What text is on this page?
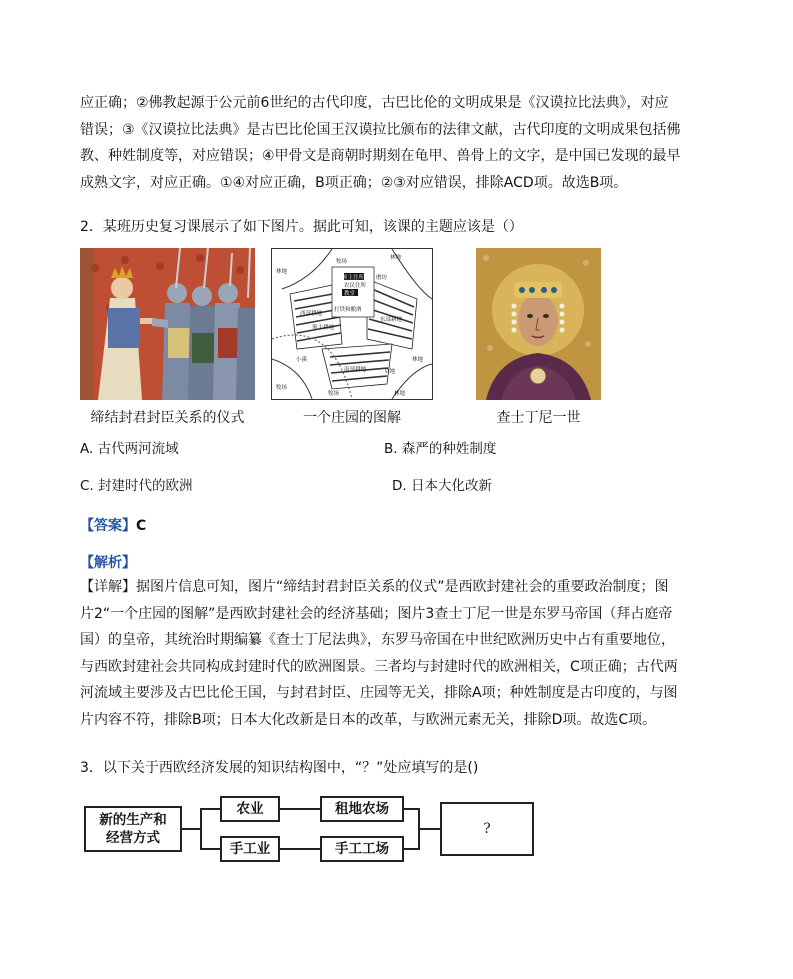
应正确；②佛教起源于公元前6世纪的古代印度，古巴比伦的文明成果是《汉谟拉比法典》，对应
错误；③《汉谟拉比法典》是古巴比伦国王汉谟拉比颁布的法律文献，古代印度的文明成果包括佛
教、种姓制度等，对应错误；④甲骨文是商朝时期刻在龟甲、兽骨上的文字，是中国已发现的最早
成熟文字，对应正确。①④对应正确，B项正确；②③对应错误，排除ACD项。故选B项。

2．某班历史复习课展示了如下图片。据此可知，该课的主题应该是（）
缔结封君封臣关系的仪式
林地
林地
牧场
领主住所
农民住所
教堂
磨坊
打铁和酿酒
西部耕地
东部耕地
南部耕地
领主耕地
小溪	林地
牧场	林地
牧场
草地
一个庄园的图解	查士丁尼一世
A. 古代两河流域	B. 森严的种姓制度
C. 封建时代的欧洲	D. 日本大化改新
【答案】C
【解析】

【详解】据图片信息可知，图片“缔结封君封臣关系的仪式”是西欧封建社会的重要政治制度；图
片2“一个庄园的图解”是西欧封建社会的经济基础；图片3查士丁尼一世是东罗马帝国（拜占庭帝
国）的皇帝，其统治时期编纂《查士丁尼法典》，东罗马帝国在中世纪欧洲历史中占有重要地位，
与西欧封建社会共同构成封建时代的欧洲图景。三者均与封建时代的欧洲相关，C项正确；古代两
河流域主要涉及古巴比伦王国，与封君封臣、庄园等无关，排除A项；种姓制度是古印度的，与图
片内容不符，排除B项；日本大化改新是日本的改革，与欧洲元素无关，排除D项。故选C项。

3．以下关于西欧经济发展的知识结构图中，“？”处应填写的是()
新的生产和
经营方式
农业
手工业
租地农场
手工工场
?
